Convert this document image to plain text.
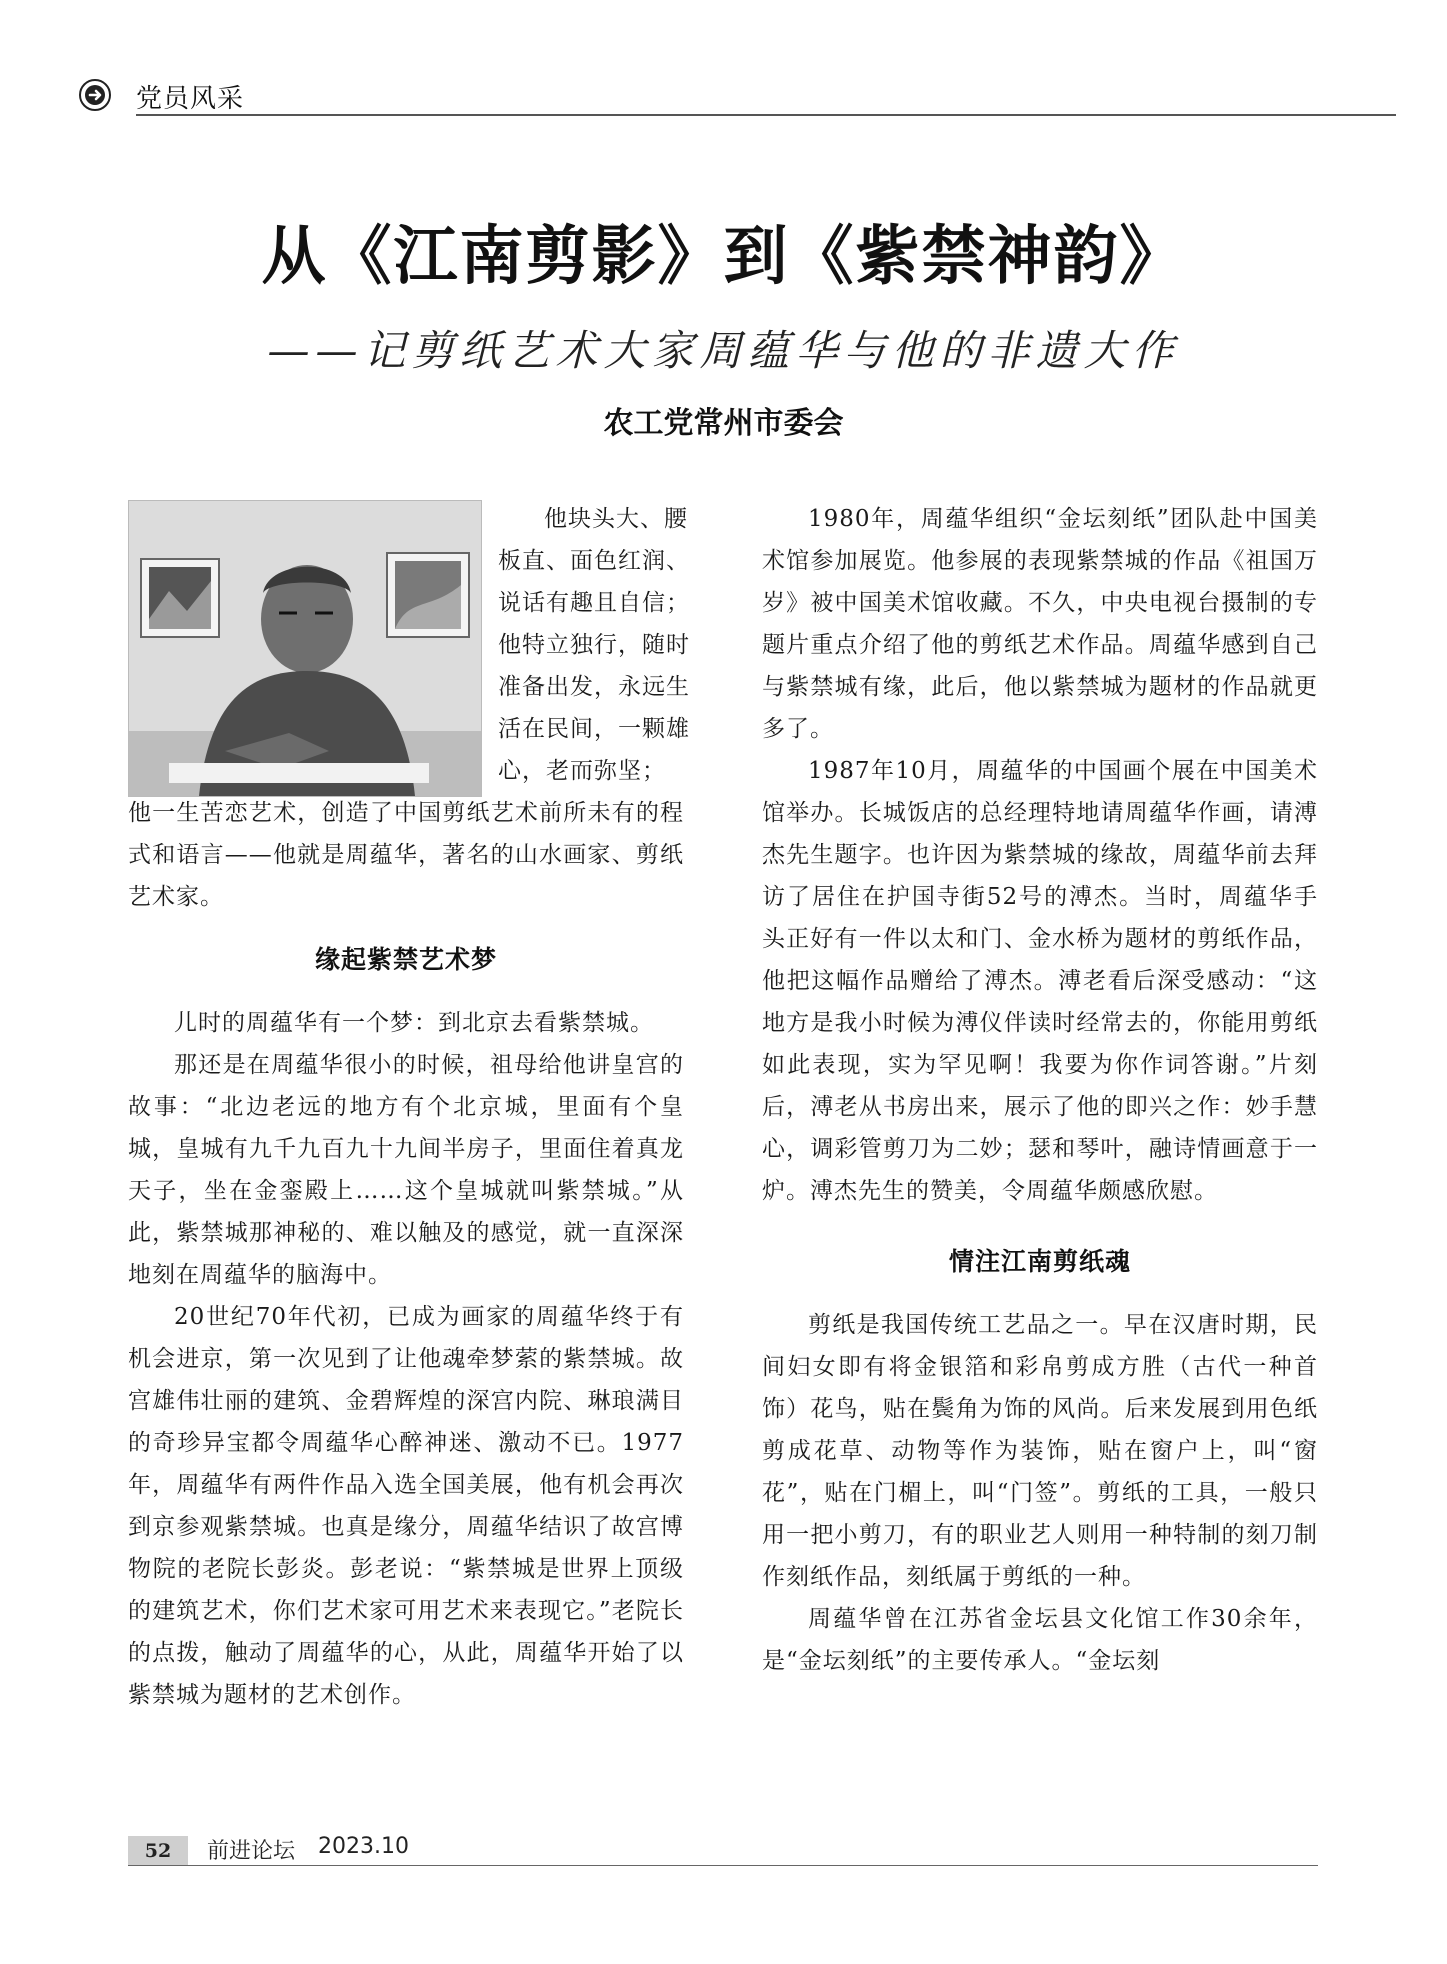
党员风采
从《江南剪影》到《紫禁神韵》
——记剪纸艺术大家周蕴华与他的非遗大作
农工党常州市委会

他块头大、腰板直、面色红润、说话有趣且自信；他特立独行，随时准备出发，永远生活在民间，一颗雄心，老而弥坚；

他一生苦恋艺术，创造了中国剪纸艺术前所未有的程式和语言——他就是周蕴华，著名的山水画家、剪纸艺术家。

缘起紫禁艺术梦

儿时的周蕴华有一个梦：到北京去看紫禁城。

那还是在周蕴华很小的时候，祖母给他讲皇宫的故事：“北边老远的地方有个北京城，里面有个皇城，皇城有九千九百九十九间半房子，里面住着真龙天子，坐在金銮殿上……这个皇城就叫紫禁城。”从此，紫禁城那神秘的、难以触及的感觉，就一直深深地刻在周蕴华的脑海中。

20世纪70年代初，已成为画家的周蕴华终于有机会进京，第一次见到了让他魂牵梦萦的紫禁城。故宫雄伟壮丽的建筑、金碧辉煌的深宫内院、琳琅满目的奇珍异宝都令周蕴华心醉神迷、激动不已。1977年，周蕴华有两件作品入选全国美展，他有机会再次到京参观紫禁城。也真是缘分，周蕴华结识了故宫博物院的老院长彭炎。彭老说：“紫禁城是世界上顶级的建筑艺术，你们艺术家可用艺术来表现它。”老院长的点拨，触动了周蕴华的心，从此，周蕴华开始了以紫禁城为题材的艺术创作。

1980年，周蕴华组织“金坛刻纸”团队赴中国美术馆参加展览。他参展的表现紫禁城的作品《祖国万岁》被中国美术馆收藏。不久，中央电视台摄制的专题片重点介绍了他的剪纸艺术作品。周蕴华感到自己与紫禁城有缘，此后，他以紫禁城为题材的作品就更多了。

1987年10月，周蕴华的中国画个展在中国美术馆举办。长城饭店的总经理特地请周蕴华作画，请溥杰先生题字。也许因为紫禁城的缘故，周蕴华前去拜访了居住在护国寺街52号的溥杰。当时，周蕴华手头正好有一件以太和门、金水桥为题材的剪纸作品，他把这幅作品赠给了溥杰。溥老看后深受感动：“这地方是我小时候为溥仪伴读时经常去的，你能用剪纸如此表现，实为罕见啊！我要为你作词答谢。”片刻后，溥老从书房出来，展示了他的即兴之作：妙手慧心，调彩管剪刀为二妙；瑟和琴叶，融诗情画意于一炉。溥杰先生的赞美，令周蕴华颇感欣慰。

情注江南剪纸魂

剪纸是我国传统工艺品之一。早在汉唐时期，民间妇女即有将金银箔和彩帛剪成方胜（古代一种首饰）花鸟，贴在鬓角为饰的风尚。后来发展到用色纸剪成花草、动物等作为装饰，贴在窗户上，叫“窗花”，贴在门楣上，叫“门签”。剪纸的工具，一般只用一把小剪刀，有的职业艺人则用一种特制的刻刀制作刻纸作品，刻纸属于剪纸的一种。

周蕴华曾在江苏省金坛县文化馆工作30余年，是“金坛刻纸”的主要传承人。“金坛刻

52	前进论坛 2023.10
